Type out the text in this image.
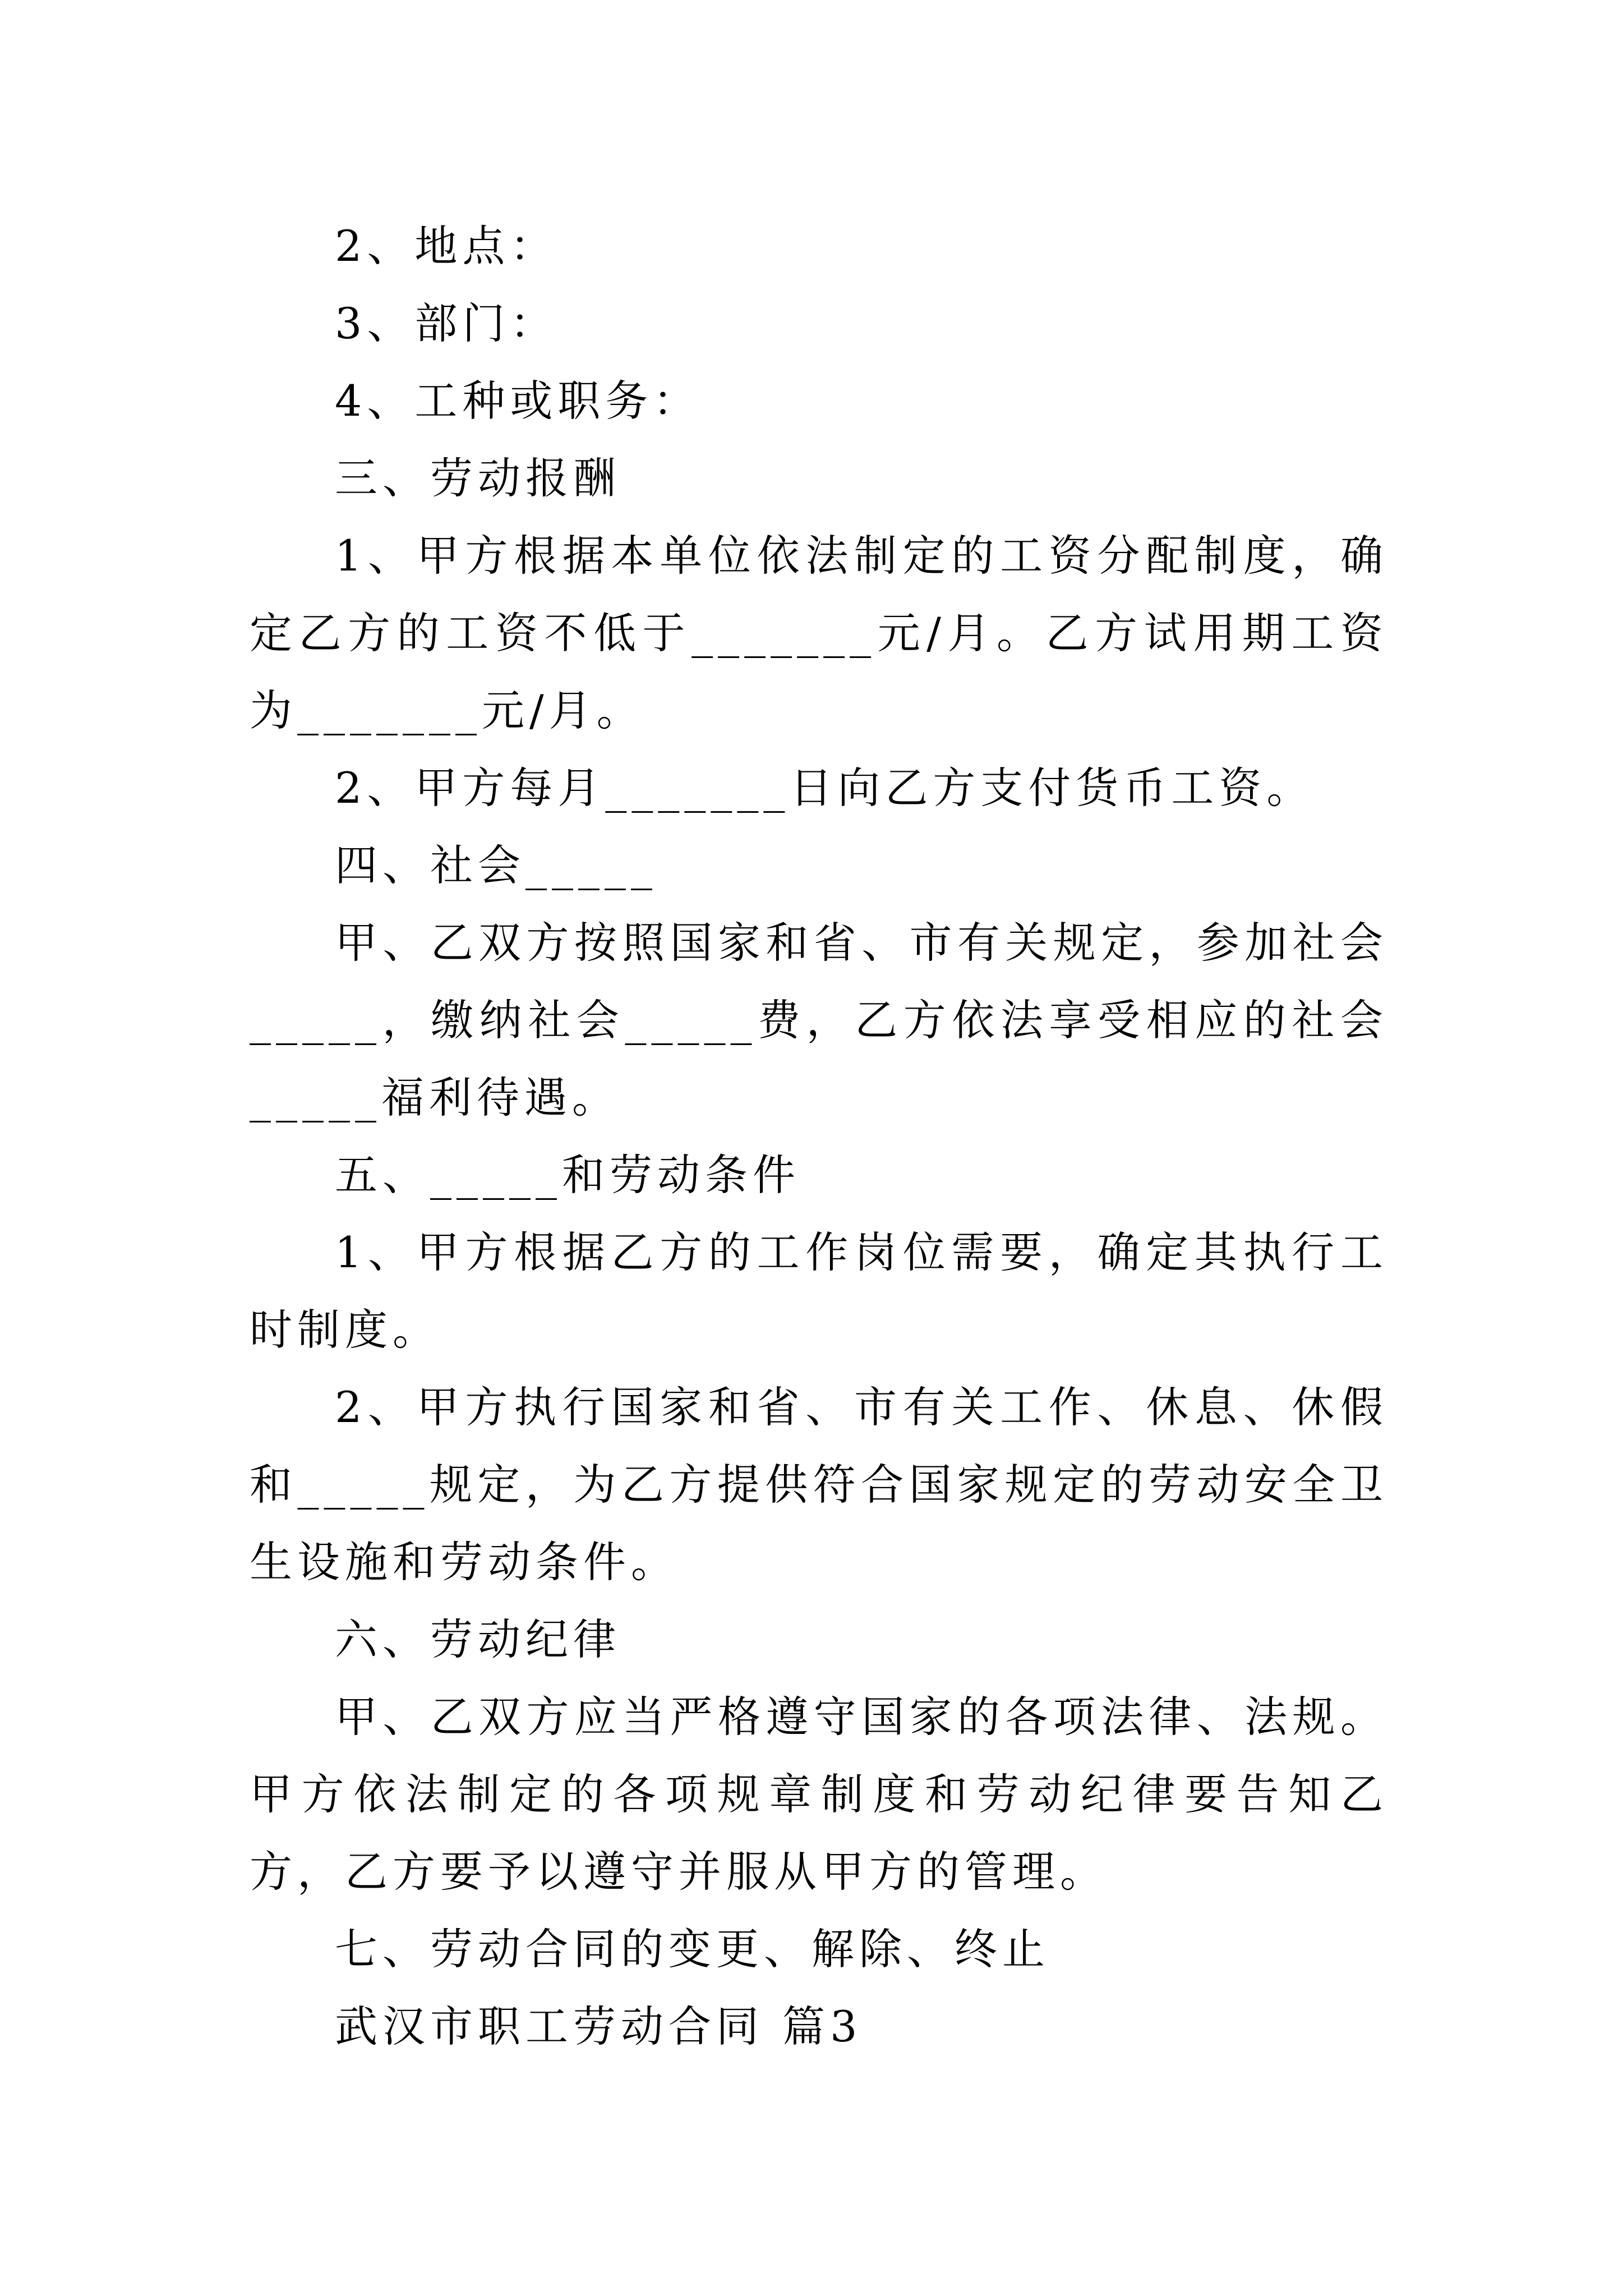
2、地点：

3、部门：

4、工种或职务：

三、劳动报酬

1、甲方根据本单位依法制定的工资分配制度，确定乙方的工资不低于_______元/月。乙方试用期工资为_______元/月。

2、甲方每月_______日向乙方支付货币工资。

四、社会_____

甲、乙双方按照国家和省、市有关规定，参加社会_____，缴纳社会_____费，乙方依法享受相应的社会_____福利待遇。

五、_____和劳动条件

1、甲方根据乙方的工作岗位需要，确定其执行工时制度。

2、甲方执行国家和省、市有关工作、休息、休假和_____规定，为乙方提供符合国家规定的劳动安全卫生设施和劳动条件。

六、劳动纪律

甲、乙双方应当严格遵守国家的各项法律、法规。甲方依法制定的各项规章制度和劳动纪律要告知乙方，乙方要予以遵守并服从甲方的管理。

七、劳动合同的变更、解除、终止

武汉市职工劳动合同 篇3
